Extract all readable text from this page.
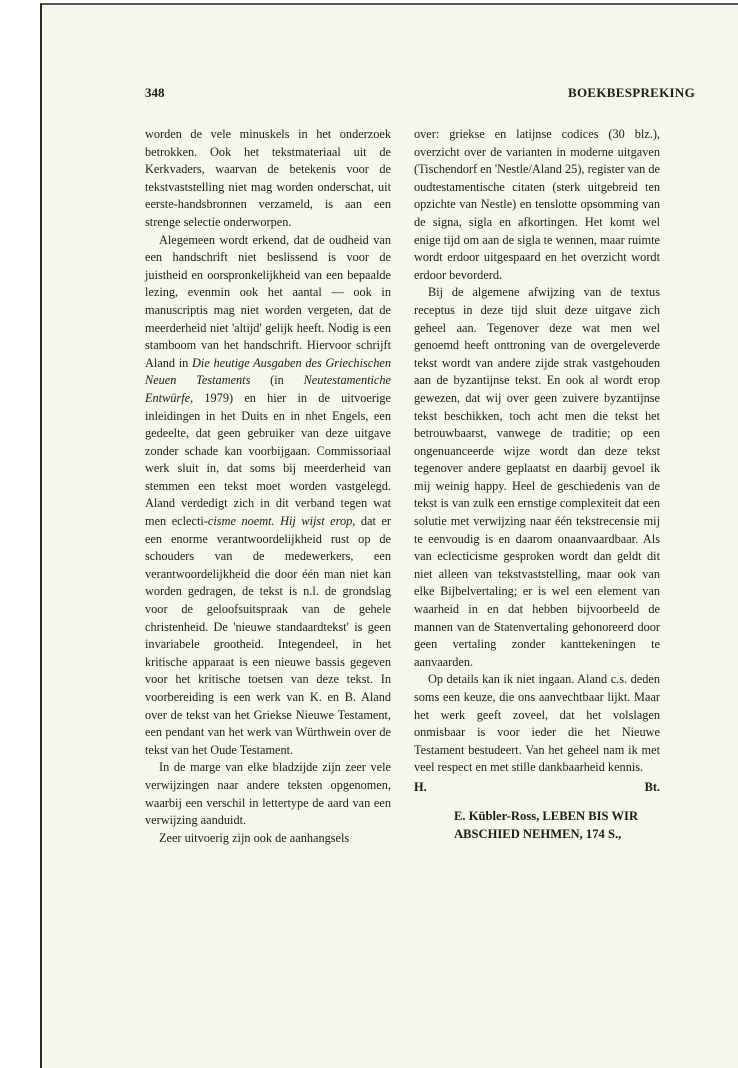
348	BOEKBESPREKING

worden de vele minuskels in het onderzoek betrokken. Ook het tekstmateriaal uit de Kerkvaders, waarvan de betekenis voor de tekstvaststelling niet mag worden onderschat, uit eerste-handsbronnen verzameld, is aan een strenge selectie onderworpen.

Alegemeen wordt erkend, dat de oudheid van een handschrift niet beslissend is voor de juistheid en oorspronkelijkheid van een bepaalde lezing, evenmin ook het aantal — ook in manuscriptis mag niet worden vergeten, dat de meerderheid niet 'altijd' gelijk heeft. Nodig is een stamboom van het handschrift. Hiervoor schrijft Aland in Die heutige Ausgaben des Griechischen Neuen Testaments (in Neutestamentiche Entwürfe, 1979) en hier in de uitvoerige inleidingen in het Duits en in nhet Engels, een gedeelte, dat geen gebruiker van deze uitgave zonder schade kan voorbijgaan. Commissoriaal werk sluit in, dat soms bij meerderheid van stemmen een tekst moet worden vastgelegd. Aland verdedigt zich in dit verband tegen wat men eclecti-cisme noemt. Hij wijst erop, dat er een enorme verantwoordelijkheid rust op de schouders van de medewerkers, een verantwoordelijkheid die door één man niet kan worden gedragen, de tekst is n.l. de grondslag voor de geloofsuitspraak van de gehele christenheid. De 'nieuwe standaardtekst' is geen invariabele grootheid. Integendeel, in het kritische apparaat is een nieuwe bassis gegeven voor het kritische toetsen van deze tekst. In voorbereiding is een werk van K. en B. Aland over de tekst van het Griekse Nieuwe Testament, een pendant van het werk van Würthwein over de tekst van het Oude Testament.

In de marge van elke bladzijde zijn zeer vele verwijzingen naar andere teksten opgenomen, waarbij een verschil in lettertype de aard van een verwijzing aanduidt.

Zeer uitvoerig zijn ook de aanhangsels

over: griekse en latijnse codices (30 blz.), overzicht over de varianten in moderne uitgaven (Tischendorf en 'Nestle/Aland 25), register van de oudtestamentische citaten (sterk uitgebreid ten opzichte van Nestle) en tenslotte opsomming van de signa, sigla en afkortingen. Het komt wel enige tijd om aan de sigla te wennen, maar ruimte wordt erdoor uitgespaard en het overzicht wordt erdoor bevorderd.

Bij de algemene afwijzing van de textus receptus in deze tijd sluit deze uitgave zich geheel aan. Tegenover deze wat men wel genoemd heeft onttroning van de overgeleverde tekst wordt van andere zijde strak vastgehouden aan de byzantijnse tekst. En ook al wordt erop gewezen, dat wij over geen zuivere byzantijnse tekst beschikken, toch acht men die tekst het betrouwbaarst, vanwege de traditie; op een ongenuanceerde wijze wordt dan deze tekst tegenover andere geplaatst en daarbij gevoel ik mij weinig happy. Heel de geschiedenis van de tekst is van zulk een ernstige complexiteit dat een solutie met verwijzing naar één tekstrecensie mij te eenvoudig is en daarom onaanvaardbaar. Als van eclecticisme gesproken wordt dan geldt dit niet alleen van tekstvaststelling, maar ook van elke Bijbelvertaling; er is wel een element van waarheid in en dat hebben bijvoorbeeld de mannen van de Statenvertaling gehonoreerd door geen vertaling zonder kanttekeningen te aanvaarden.

Op details kan ik niet ingaan. Aland c.s. deden soms een keuze, die ons aanvechtbaar lijkt. Maar het werk geeft zoveel, dat het volslagen onmisbaar is voor ieder die het Nieuwe Testament bestudeert. Van het geheel nam ik met veel respect en met stille dankbaarheid kennis.

H.	Bt.
E. Kübler-Ross, LEBEN BIS WIR
ABSCHIED NEHMEN, 174 S.,
